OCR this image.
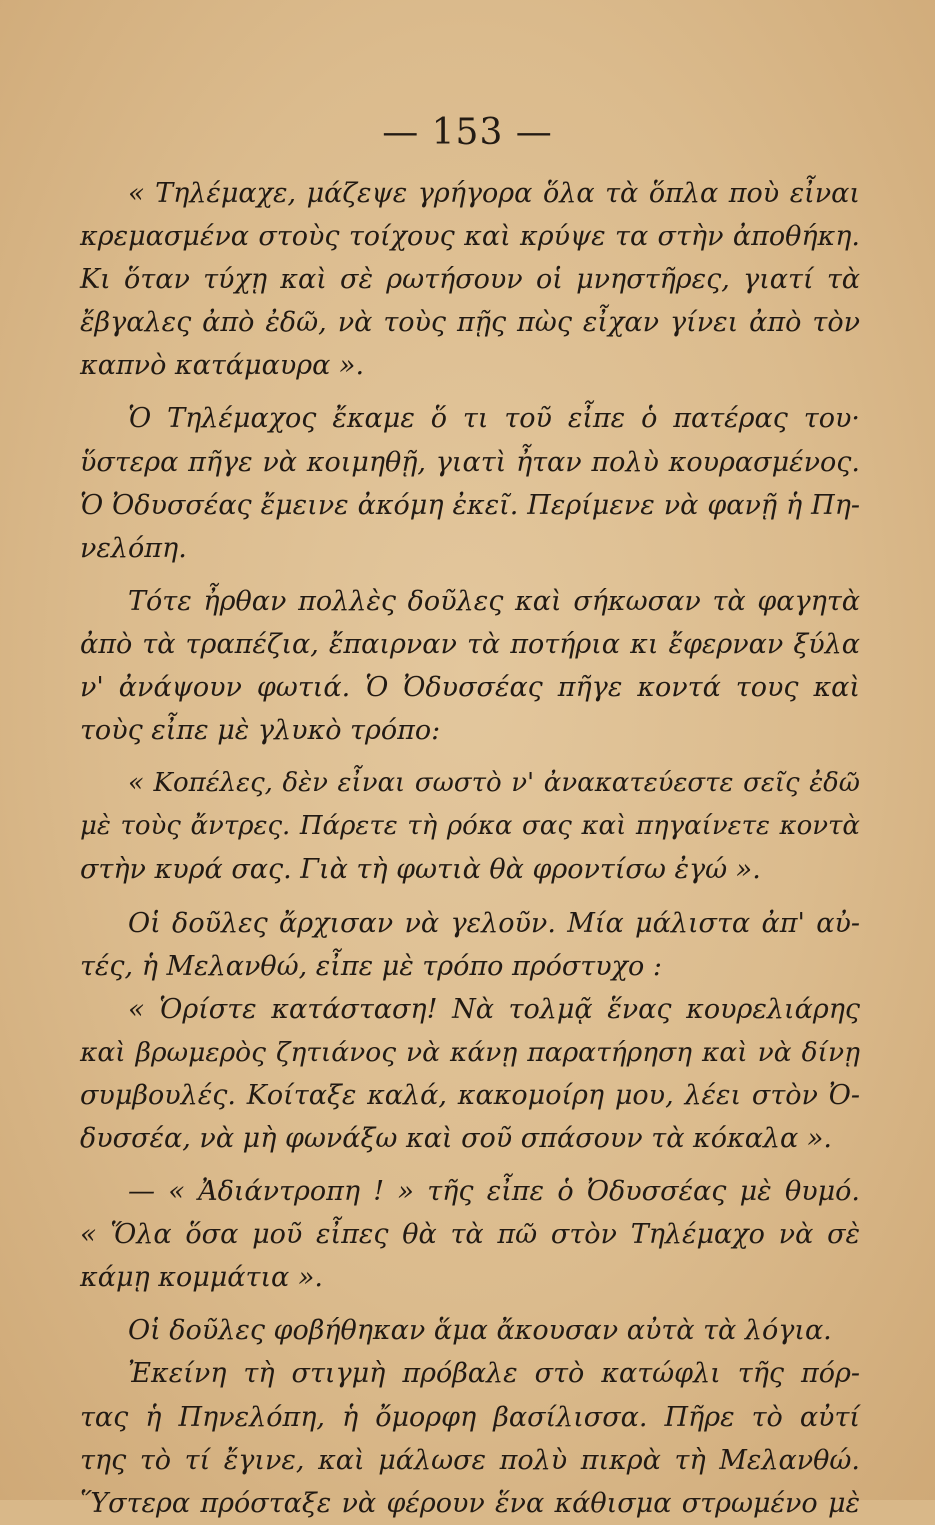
— 153 —
« Τηλέμαχε, μάζεψε γρήγορα ὅλα τὰ ὅπλα ποὺ εἶναι
κρεμασμένα στοὺς τοίχους καὶ κρύψε τα στὴν ἀποθήκη.
Κι ὅταν τύχῃ καὶ σὲ ρωτήσουν οἱ μνηστῆρες, γιατί τὰ
ἔβγαλες ἀπὸ ἐδῶ, νὰ τοὺς πῇς πὼς εἶχαν γίνει ἀπὸ τὸν
καπνὸ κατάμαυρα ».
Ὁ Τηλέμαχος ἔκαμε ὅ τι τοῦ εἶπε ὁ πατέρας του·
ὕστερα πῆγε νὰ κοιμηθῇ, γιατὶ ἦταν πολὺ κουρασμένος.
Ὁ Ὀδυσσέας ἔμεινε ἀκόμη ἐκεῖ. Περίμενε νὰ φανῇ ἡ Πη-
νελόπη.
Τότε ἦρθαν πολλὲς δοῦλες καὶ σήκωσαν τὰ φαγητὰ
ἀπὸ τὰ τραπέζια, ἔπαιρναν τὰ ποτήρια κι ἔφερναν ξύλα
ν' ἀνάψουν φωτιά. Ὁ Ὀδυσσέας πῆγε κοντά τους καὶ
τοὺς εἶπε μὲ γλυκὸ τρόπο:
« Κοπέλες, δὲν εἶναι σωστὸ ν' ἀνακατεύεστε σεῖς ἐδῶ
μὲ τοὺς ἄντρες. Πάρετε τὴ ρόκα σας καὶ πηγαίνετε κοντὰ
στὴν κυρά σας. Γιὰ τὴ φωτιὰ θὰ φροντίσω ἐγώ ».
Οἱ δοῦλες ἄρχισαν νὰ γελοῦν. Μία μάλιστα ἀπ' αὐ-
τές, ἡ Μελανθώ, εἶπε μὲ τρόπο πρόστυχο :
« Ὁρίστε κατάσταση! Νὰ τολμᾷ ἕνας κουρελιάρης
καὶ βρωμερὸς ζητιάνος νὰ κάνῃ παρατήρηση καὶ νὰ δίνῃ
συμβουλές. Κοίταξε καλά, κακομοίρη μου, λέει στὸν Ὀ-
δυσσέα, νὰ μὴ φωνάξω καὶ σοῦ σπάσουν τὰ κόκαλα ».
— « Ἀδιάντροπη ! » τῆς εἶπε ὁ Ὀδυσσέας μὲ θυμό.
« Ὅλα ὅσα μοῦ εἶπες θὰ τὰ πῶ στὸν Τηλέμαχο νὰ σὲ
κάμῃ κομμάτια ».
Οἱ δοῦλες φοβήθηκαν ἅμα ἄκουσαν αὐτὰ τὰ λόγια.
Ἐκείνη τὴ στιγμὴ πρόβαλε στὸ κατώφλι τῆς πόρ-
τας ἡ Πηνελόπη, ἡ ὄμορφη βασίλισσα. Πῆρε τὸ αὐτί
της τὸ τί ἔγινε, καὶ μάλωσε πολὺ πικρὰ τὴ Μελανθώ.
Ὕστερα πρόσταξε νὰ φέρουν ἕνα κάθισμα στρωμένο μὲ
